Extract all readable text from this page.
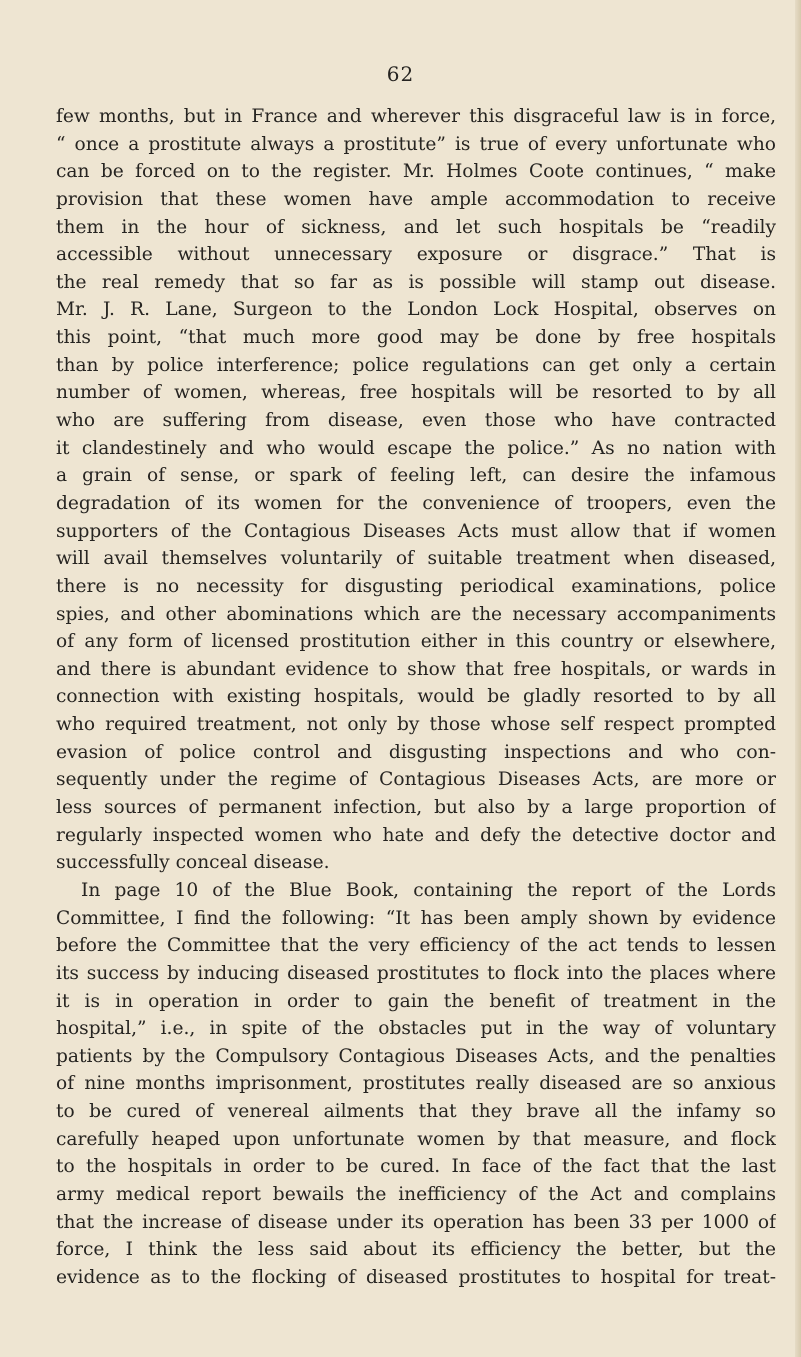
62
few months, but in France and wherever this disgraceful law is in force,
“ once a prostitute always a prostitute” is true of every unfortunate who
can be forced on to the register. Mr. Holmes Coote continues, “ make
provision that these women have ample accommodation to receive
them in the hour of sickness, and let such hospitals be “readily
accessible without unnecessary exposure or disgrace.” That is
the real remedy that so far as is possible will stamp out disease.
Mr. J. R. Lane, Surgeon to the London Lock Hospital, observes on
this point, “that much more good may be done by free hospitals
than by police interference; police regulations can get only a certain
number of women, whereas, free hospitals will be resorted to by all
who are suffering from disease, even those who have contracted
it clandestinely and who would escape the police.” As no nation with
a grain of sense, or spark of feeling left, can desire the infamous
degradation of its women for the convenience of troopers, even the
supporters of the Contagious Diseases Acts must allow that if women
will avail themselves voluntarily of suitable treatment when diseased,
there is no necessity for disgusting periodical examinations, police
spies, and other abominations which are the necessary accompaniments
of any form of licensed prostitution either in this country or elsewhere,
and there is abundant evidence to show that free hospitals, or wards in
connection with existing hospitals, would be gladly resorted to by all
who required treatment, not only by those whose self respect prompted
evasion of police control and disgusting inspections and who con-
sequently under the regime of Contagious Diseases Acts, are more or
less sources of permanent infection, but also by a large proportion of
regularly inspected women who hate and defy the detective doctor and
successfully conceal disease.
In page 10 of the Blue Book, containing the report of the Lords
Committee, I find the following: “It has been amply shown by evidence
before the Committee that the very efficiency of the act tends to lessen
its success by inducing diseased prostitutes to flock into the places where
it is in operation in order to gain the benefit of treatment in the
hospital,” i.e., in spite of the obstacles put in the way of voluntary
patients by the Compulsory Contagious Diseases Acts, and the penalties
of nine months imprisonment, prostitutes really diseased are so anxious
to be cured of venereal ailments that they brave all the infamy so
carefully heaped upon unfortunate women by that measure, and flock
to the hospitals in order to be cured. In face of the fact that the last
army medical report bewails the inefficiency of the Act and complains
that the increase of disease under its operation has been 33 per 1000 of
force, I think the less said about its efficiency the better, but the
evidence as to the flocking of diseased prostitutes to hospital for treat-
